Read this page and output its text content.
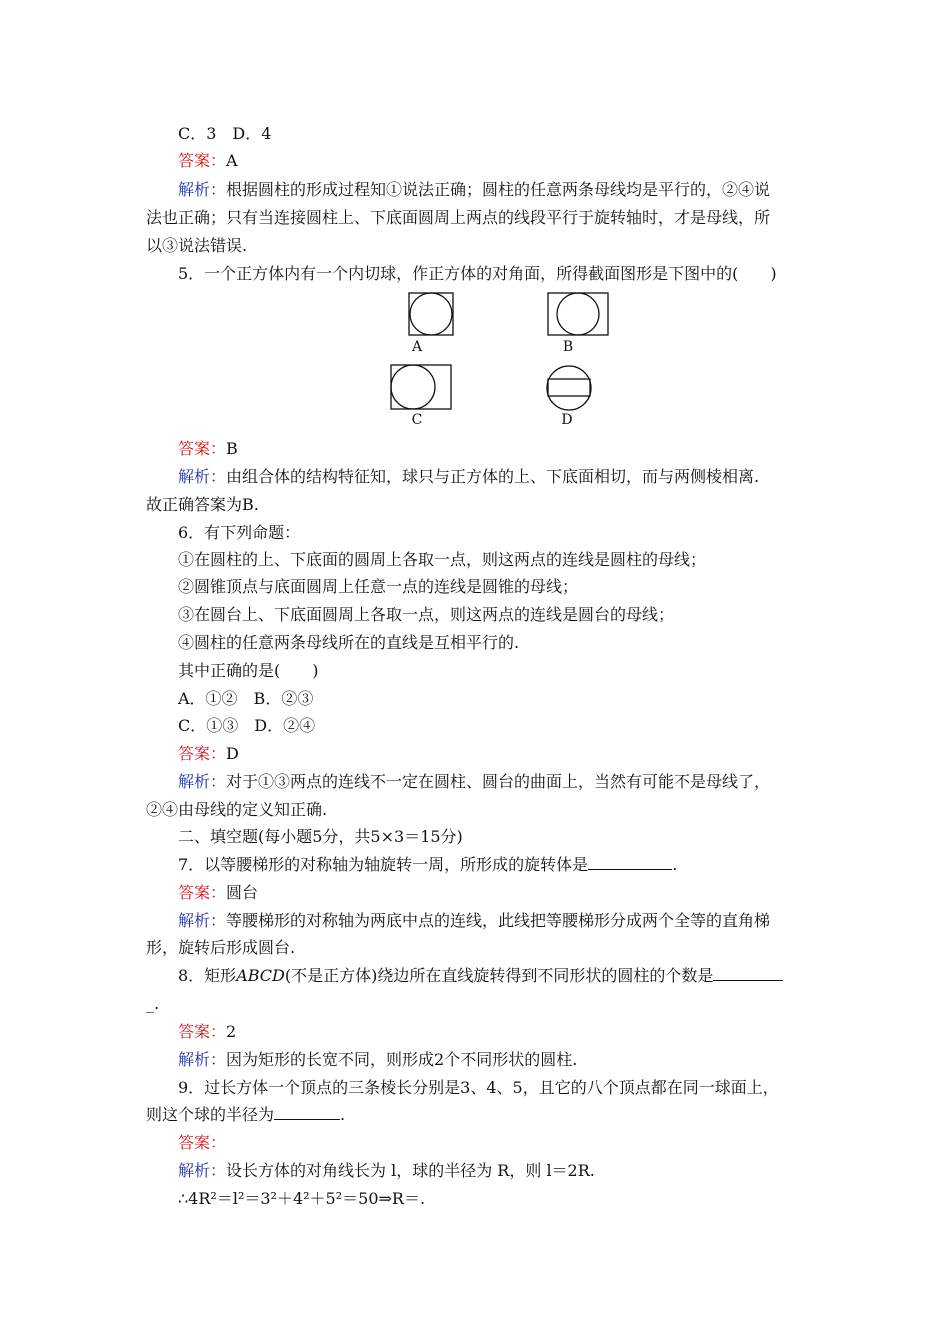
C．3　D．4
答案：A
解析：根据圆柱的形成过程知①说法正确；圆柱的任意两条母线均是平行的，②④说
法也正确；只有当连接圆柱上、下底面圆周上两点的线段平行于旋转轴时，才是母线，所
以③说法错误.
5．一个正方体内有一个内切球，作正方体的对角面，所得截面图形是下图中的(　　)
A	B
C	D
答案：B
解析：由组合体的结构特征知，球只与正方体的上、下底面相切，而与两侧棱相离.
故正确答案为B.
6．有下列命题：
①在圆柱的上、下底面的圆周上各取一点，则这两点的连线是圆柱的母线；
②圆锥顶点与底面圆周上任意一点的连线是圆锥的母线；
③在圆台上、下底面圆周上各取一点，则这两点的连线是圆台的母线；
④圆柱的任意两条母线所在的直线是互相平行的.
其中正确的是(　　)
A．①②　B．②③
C．①③　D．②④
答案：D
解析：对于①③两点的连线不一定在圆柱、圆台的曲面上，当然有可能不是母线了，
②④由母线的定义知正确.
二、填空题(每小题5分，共5×3＝15分)
7．以等腰梯形的对称轴为轴旋转一周，所形成的旋转体是	.
答案：圆台
解析：等腰梯形的对称轴为两底中点的连线，此线把等腰梯形分成两个全等的直角梯
形，旋转后形成圆台.
8．矩形ABCD(不是正方体)绕边所在直线旋转得到不同形状的圆柱的个数是
_.
答案：2
解析：因为矩形的长宽不同，则形成2个不同形状的圆柱.
9．过长方体一个顶点的三条棱长分别是3、4、5，且它的八个顶点都在同一球面上，
则这个球的半径为	.
答案：
解析：设长方体的对角线长为 l，球的半径为 R，则 l＝2R.
∴4R²＝l²＝3²＋4²＋5²＝50⇒R＝.
